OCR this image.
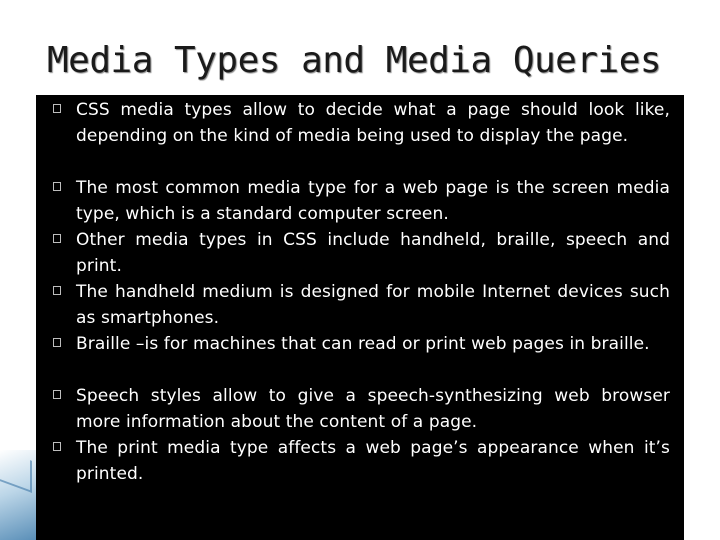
Media Types and Media Queries

CSS media types allow to decide what a page should look like, depending on the kind of media being used to display the page.

The most common media type for a web page is the screen media type, which is a standard computer screen.

Other media types in CSS include handheld, braille, speech and print.

The handheld medium is designed for mobile Internet devices such as smartphones.

Braille –is for machines that can read or print web pages in braille.

Speech styles allow to give a speech-synthesizing web browser more information about the content of a page.

The print media type affects a web page’s appearance when it’s printed.
